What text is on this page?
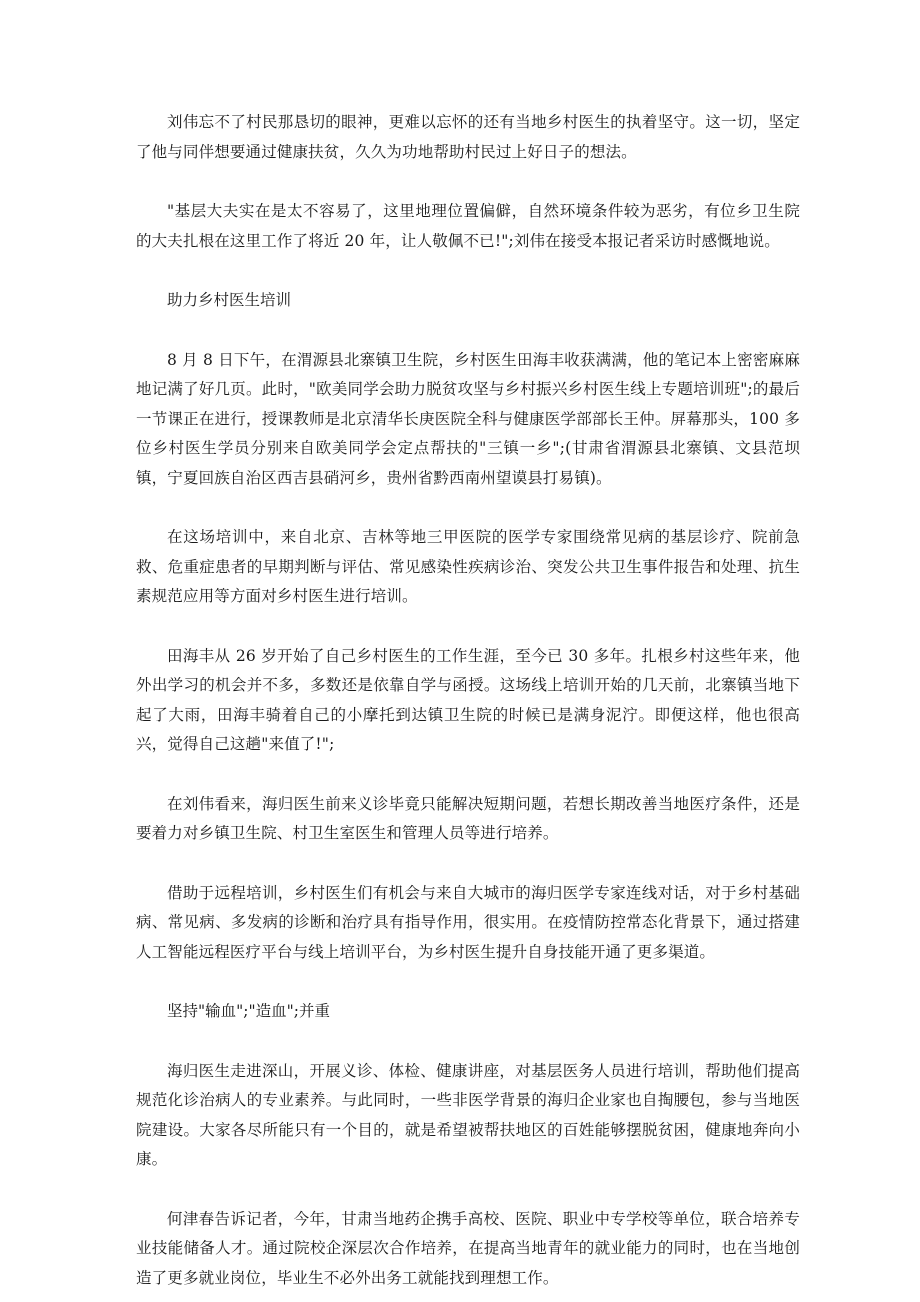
刘伟忘不了村民那恳切的眼神，更难以忘怀的还有当地乡村医生的执着坚守。这一切，坚定了他与同伴想要通过健康扶贫，久久为功地帮助村民过上好日子的想法。

"基层大夫实在是太不容易了，这里地理位置偏僻，自然环境条件较为恶劣，有位乡卫生院的大夫扎根在这里工作了将近 20 年，让人敬佩不已!";刘伟在接受本报记者采访时感慨地说。

助力乡村医生培训

8 月 8 日下午，在渭源县北寨镇卫生院，乡村医生田海丰收获满满，他的笔记本上密密麻麻地记满了好几页。此时，"欧美同学会助力脱贫攻坚与乡村振兴乡村医生线上专题培训班";的最后一节课正在进行，授课教师是北京清华长庚医院全科与健康医学部部长王仲。屏幕那头，100 多位乡村医生学员分别来自欧美同学会定点帮扶的"三镇一乡";(甘肃省渭源县北寨镇、文县范坝镇，宁夏回族自治区西吉县硝河乡，贵州省黔西南州望谟县打易镇)。

在这场培训中，来自北京、吉林等地三甲医院的医学专家围绕常见病的基层诊疗、院前急救、危重症患者的早期判断与评估、常见感染性疾病诊治、突发公共卫生事件报告和处理、抗生素规范应用等方面对乡村医生进行培训。

田海丰从 26 岁开始了自己乡村医生的工作生涯，至今已 30 多年。扎根乡村这些年来，他外出学习的机会并不多，多数还是依靠自学与函授。这场线上培训开始的几天前，北寨镇当地下起了大雨，田海丰骑着自己的小摩托到达镇卫生院的时候已是满身泥泞。即便这样，他也很高兴，觉得自己这趟"来值了!";

在刘伟看来，海归医生前来义诊毕竟只能解决短期问题，若想长期改善当地医疗条件，还是要着力对乡镇卫生院、村卫生室医生和管理人员等进行培养。

借助于远程培训，乡村医生们有机会与来自大城市的海归医学专家连线对话，对于乡村基础病、常见病、多发病的诊断和治疗具有指导作用，很实用。在疫情防控常态化背景下，通过搭建人工智能远程医疗平台与线上培训平台，为乡村医生提升自身技能开通了更多渠道。

坚持"输血";"造血";并重

海归医生走进深山，开展义诊、体检、健康讲座，对基层医务人员进行培训，帮助他们提高规范化诊治病人的专业素养。与此同时，一些非医学背景的海归企业家也自掏腰包，参与当地医院建设。大家各尽所能只有一个目的，就是希望被帮扶地区的百姓能够摆脱贫困，健康地奔向小康。

何津春告诉记者，今年，甘肃当地药企携手高校、医院、职业中专学校等单位，联合培养专业技能储备人才。通过院校企深层次合作培养，在提高当地青年的就业能力的同时，也在当地创造了更多就业岗位，毕业生不必外出务工就能找到理想工作。
